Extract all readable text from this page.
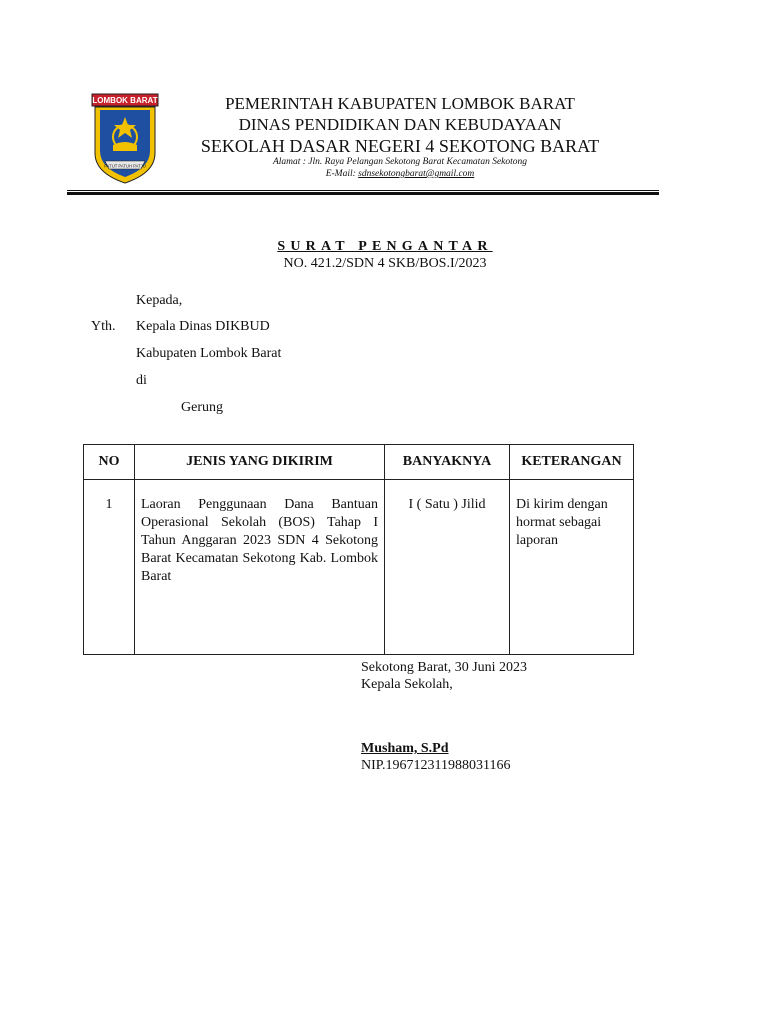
LOMBOK BARAT
PATUT PATUH PATJU
PEMERINTAH KABUPATEN LOMBOK BARAT
DINAS PENDIDIKAN DAN KEBUDAYAAN
SEKOLAH DASAR NEGERI 4 SEKOTONG BARAT
Alamat : Jln. Raya Pelangan Sekotong Barat Kecamatan Sekotong
E-Mail: sdnsekotongbarat@gmail.com
SURAT PENGANTAR
NO. 421.2/SDN 4 SKB/BOS.I/2023
Kepada,
Yth. Kepala Dinas DIKBUD
Kabupaten Lombok Barat
di
Gerung
NO	JENIS YANG DIKIRIM	BANYAKNYA	KETERANGAN
1	Laoran Penggunaan Dana Bantuan Operasional Sekolah (BOS) Tahap I Tahun Anggaran 2023 SDN 4 Sekotong Barat Kecamatan Sekotong Kab. Lombok Barat	I ( Satu ) Jilid	Di kirim dengan hormat sebagai laporan
Sekotong Barat, 30 Juni 2023
Kepala Sekolah,
Musham, S.Pd
NIP.196712311988031166
